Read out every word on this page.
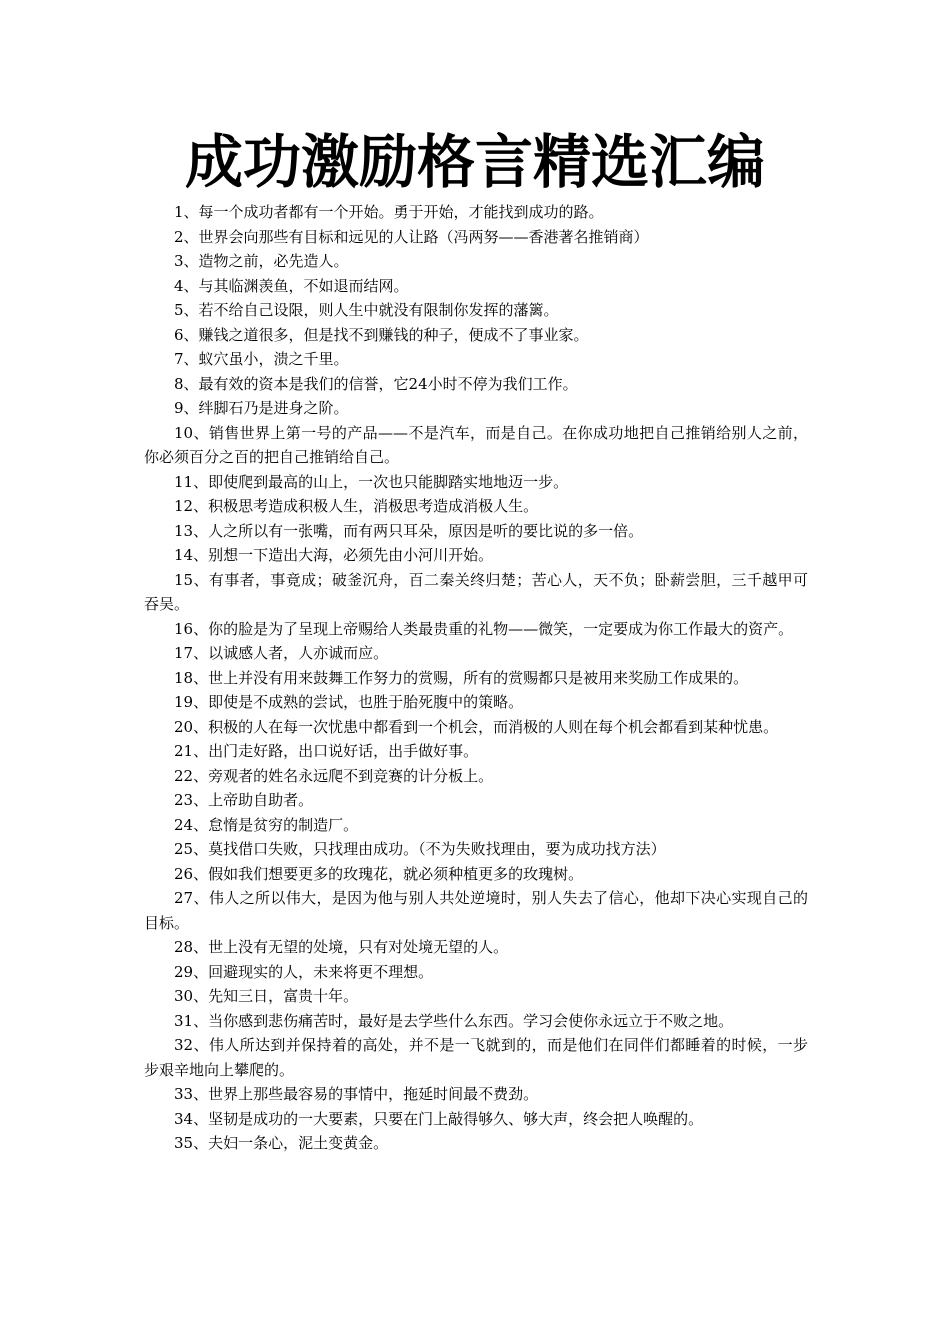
成功激励格言精选汇编

1、每一个成功者都有一个开始。勇于开始，才能找到成功的路。

2、世界会向那些有目标和远见的人让路（冯两努——香港著名推销商）

3、造物之前，必先造人。

4、与其临渊羡鱼，不如退而结网。

5、若不给自己设限，则人生中就没有限制你发挥的藩篱。

6、赚钱之道很多，但是找不到赚钱的种子，便成不了事业家。

7、蚁穴虽小，溃之千里。

8、最有效的资本是我们的信誉，它24小时不停为我们工作。

9、绊脚石乃是进身之阶。

10、销售世界上第一号的产品——不是汽车，而是自己。在你成功地把自己推销给别人之前，你必须百分之百的把自己推销给自己。

11、即使爬到最高的山上，一次也只能脚踏实地地迈一步。

12、积极思考造成积极人生，消极思考造成消极人生。

13、人之所以有一张嘴，而有两只耳朵，原因是听的要比说的多一倍。

14、别想一下造出大海，必须先由小河川开始。

15、有事者，事竟成；破釜沉舟，百二秦关终归楚；苦心人，天不负；卧薪尝胆，三千越甲可吞吴。

16、你的脸是为了呈现上帝赐给人类最贵重的礼物——微笑，一定要成为你工作最大的资产。

17、以诚感人者，人亦诚而应。

18、世上并没有用来鼓舞工作努力的赏赐，所有的赏赐都只是被用来奖励工作成果的。

19、即使是不成熟的尝试，也胜于胎死腹中的策略。

20、积极的人在每一次忧患中都看到一个机会，而消极的人则在每个机会都看到某种忧患。

21、出门走好路，出口说好话，出手做好事。

22、旁观者的姓名永远爬不到竞赛的计分板上。

23、上帝助自助者。

24、怠惰是贫穷的制造厂。

25、莫找借口失败，只找理由成功。（不为失败找理由，要为成功找方法）

26、假如我们想要更多的玫瑰花，就必须种植更多的玫瑰树。

27、伟人之所以伟大，是因为他与别人共处逆境时，别人失去了信心，他却下决心实现自己的目标。

28、世上没有无望的处境，只有对处境无望的人。

29、回避现实的人，未来将更不理想。

30、先知三日，富贵十年。

31、当你感到悲伤痛苦时，最好是去学些什么东西。学习会使你永远立于不败之地。

32、伟人所达到并保持着的高处，并不是一飞就到的，而是他们在同伴们都睡着的时候，一步步艰辛地向上攀爬的。

33、世界上那些最容易的事情中，拖延时间最不费劲。

34、坚韧是成功的一大要素，只要在门上敲得够久、够大声，终会把人唤醒的。

35、夫妇一条心，泥土变黄金。
